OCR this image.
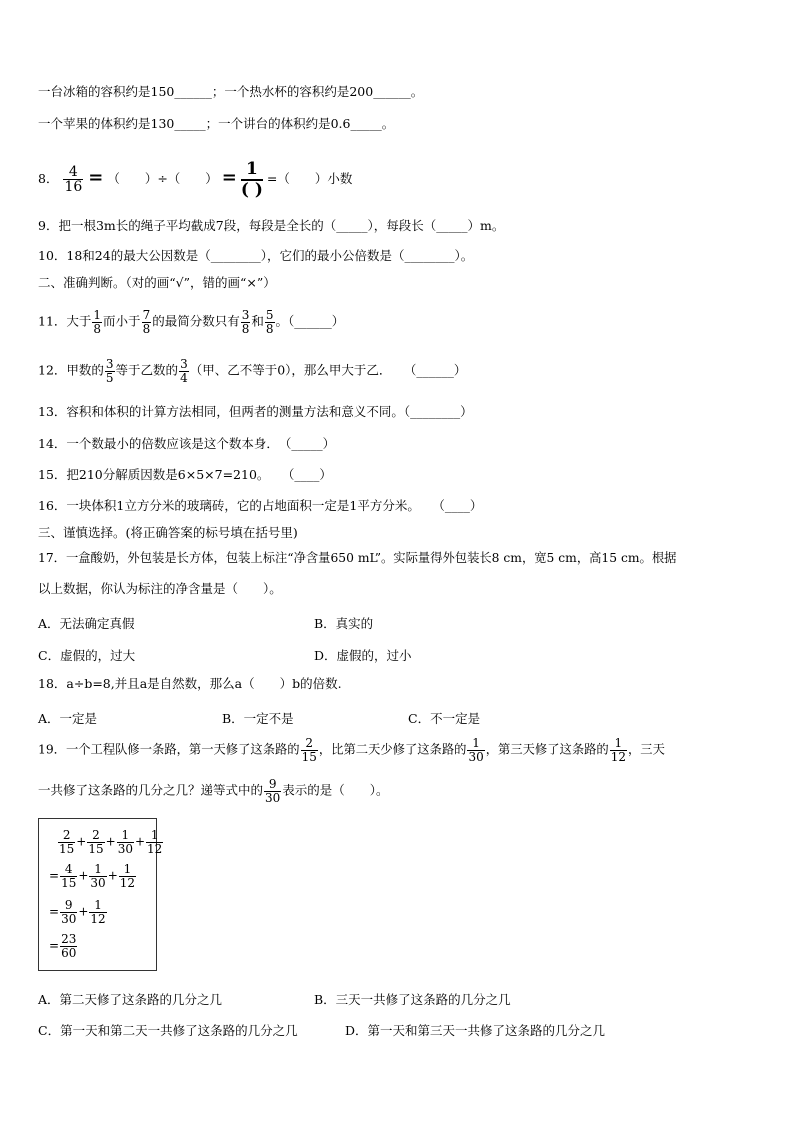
一台冰箱的容积约是150______；一个热水杯的容积约是200______。
一个苹果的体积约是130_____；一个讲台的体积约是0.6_____。
8． $\frac{4}{16}$ = （　　）÷（　　） = $\frac{1}{( )}$ =（　　）小数
9．把一根3m长的绳子平均截成7段，每段是全长的（_____），每段长（_____）m。
10．18和24的最大公因数是（________），它们的最小公倍数是（________）。
二、准确判断。（对的画“√”，错的画“×”）
11．大于 $\frac{1}{8}$ 而小于 $\frac{7}{8}$ 的最简分数只有 $\frac{3}{8}$ 和 $\frac{5}{8}$ 。（______）
12．甲数的 $\frac{3}{5}$ 等于乙数的 $\frac{3}{4}$ （甲、乙不等于0），那么甲大于乙．　　（______）
13．容积和体积的计算方法相同，但两者的测量方法和意义不同。（________）
14．一个数最小的倍数应该是这个数本身．　（_____）
15．把210分解质因数是6×5×7=210。　　（____）
16．一块体积1立方分米的玻璃砖，它的占地面积一定是1平方分米。　　（____）
三、谨慎选择。(将正确答案的标号填在括号里)
17．一盒酸奶，外包装是长方体，包装上标注“净含量650 mL”。实际量得外包装长8 cm，宽5 cm，高15 cm。根据
以上数据，你认为标注的净含量是（　　）。
A．无法确定真假	B．真实的
C．虚假的，过大	D．虚假的，过小
18．a÷b=8,并且a是自然数，那么a（　　）b的倍数.
A．一定是	B．一定不是	C．不一定是
19．一个工程队修一条路，第一天修了这条路的 $\frac{2}{15}$ ，比第二天少修了这条路的 $\frac{1}{30}$ ，第三天修了这条路的 $\frac{1}{12}$ ，三天
一共修了这条路的几分之几？递等式中的 $\frac{9}{30}$ 表示的是（　　）。
$\frac{2}{15} + \frac{2}{15} + \frac{1}{30} + \frac{1}{12}$
= $\frac{4}{15} + \frac{1}{30} + \frac{1}{12}$
= $\frac{9}{30} + \frac{1}{12}$
= $\frac{23}{60}$
A．第二天修了这条路的几分之几	B．三天一共修了这条路的几分之几
C．第一天和第二天一共修了这条路的几分之几	D．第一天和第三天一共修了这条路的几分之几
